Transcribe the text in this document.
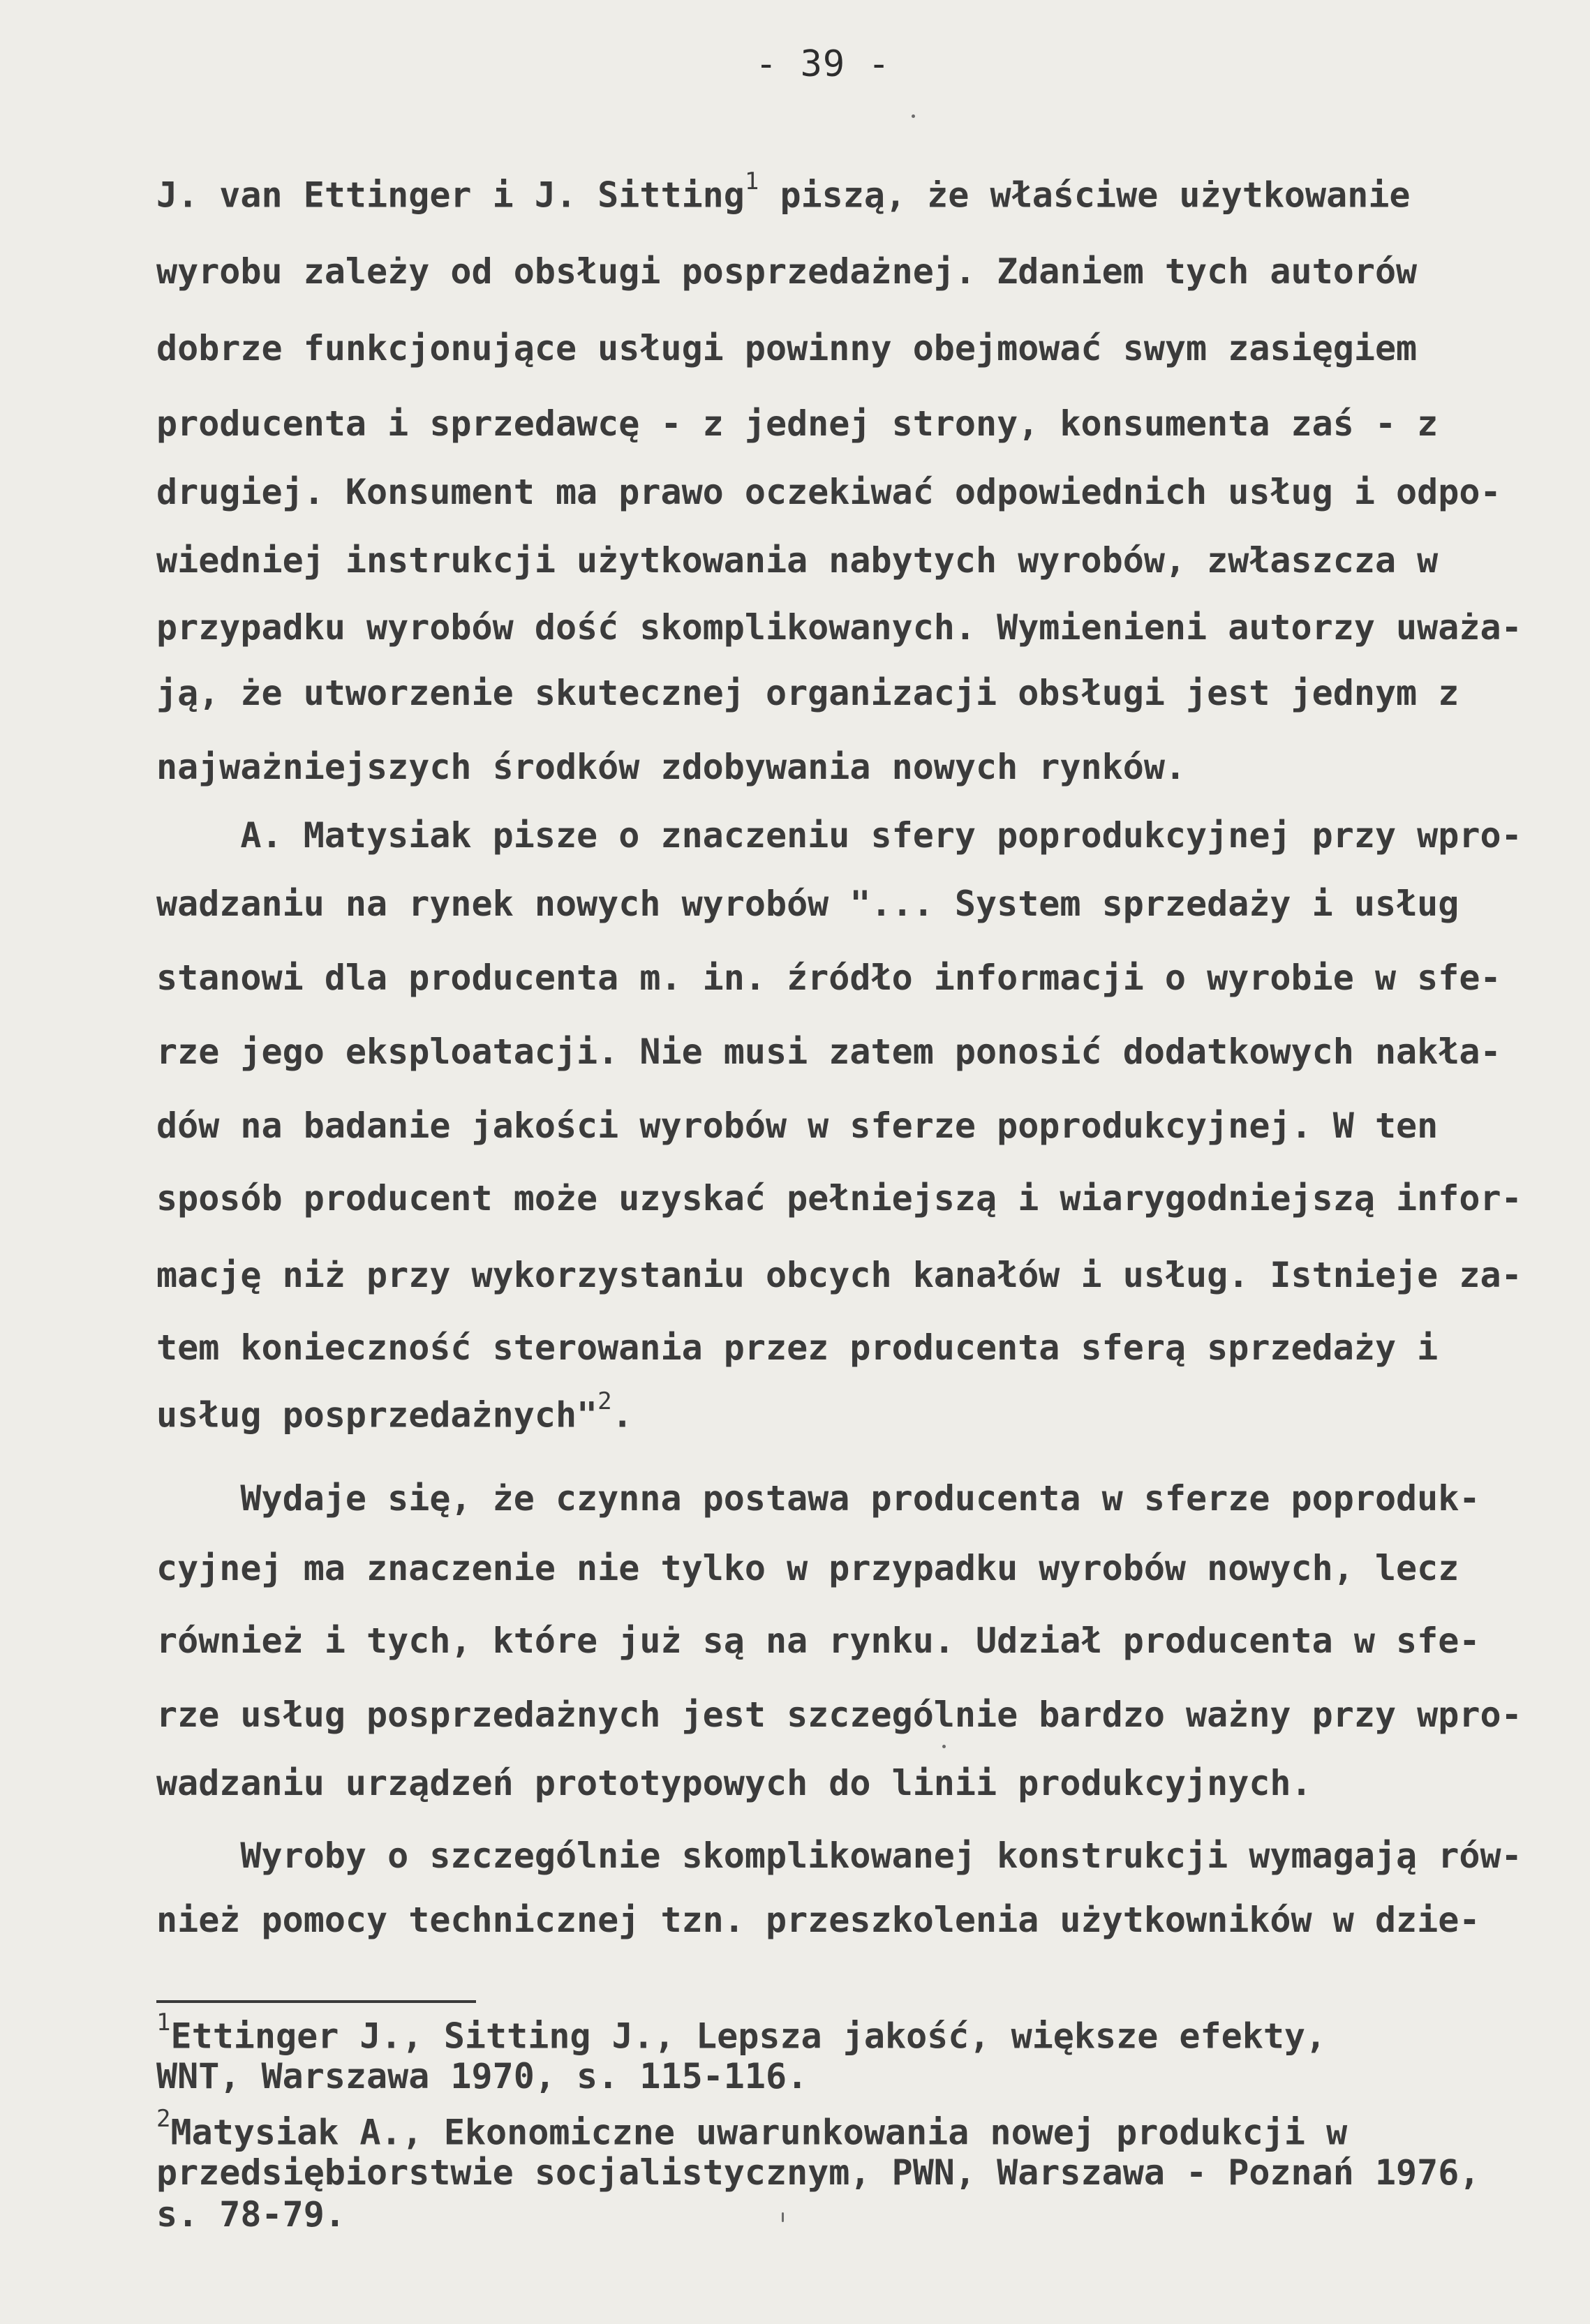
- 39 -
J. van Ettinger i J. Sitting$^1$ piszą, że właściwe użytkowanie
wyrobu zależy od obsługi posprzedażnej. Zdaniem tych autorów
dobrze funkcjonujące usługi powinny obejmować swym zasięgiem
producenta i sprzedawcę - z jednej strony, konsumenta zaś - z
drugiej. Konsument ma prawo oczekiwać odpowiednich usług i odpo-
wiedniej instrukcji użytkowania nabytych wyrobów, zwłaszcza w
przypadku wyrobów dość skomplikowanych. Wymienieni autorzy uważa-
ją, że utworzenie skutecznej organizacji obsługi jest jednym z
najważniejszych środków zdobywania nowych rynków.
A. Matysiak pisze o znaczeniu sfery poprodukcyjnej przy wpro-
wadzaniu na rynek nowych wyrobów "... System sprzedaży i usług
stanowi dla producenta m. in. źródło informacji o wyrobie w sfe-
rze jego eksploatacji. Nie musi zatem ponosić dodatkowych nakła-
dów na badanie jakości wyrobów w sferze poprodukcyjnej. W ten
sposób producent może uzyskać pełniejszą i wiarygodniejszą infor-
mację niż przy wykorzystaniu obcych kanałów i usług. Istnieje za-
tem konieczność sterowania przez producenta sferą sprzedaży i
usług posprzedażnych"$^2$.
Wydaje się, że czynna postawa producenta w sferze poproduk-
cyjnej ma znaczenie nie tylko w przypadku wyrobów nowych, lecz
również i tych, które już są na rynku. Udział producenta w sfe-
rze usług posprzedażnych jest szczególnie bardzo ważny przy wpro-
wadzaniu urządzeń prototypowych do linii produkcyjnych.
Wyroby o szczególnie skomplikowanej konstrukcji wymagają rów-
nież pomocy technicznej tzn. przeszkolenia użytkowników w dzie-
$^1$Ettinger J., Sitting J., Lepsza jakość, większe efekty,
WNT, Warszawa 1970, s. 115-116.
$^2$Matysiak A., Ekonomiczne uwarunkowania nowej produkcji w
przedsiębiorstwie socjalistycznym, PWN, Warszawa - Poznań 1976,
s. 78-79.
